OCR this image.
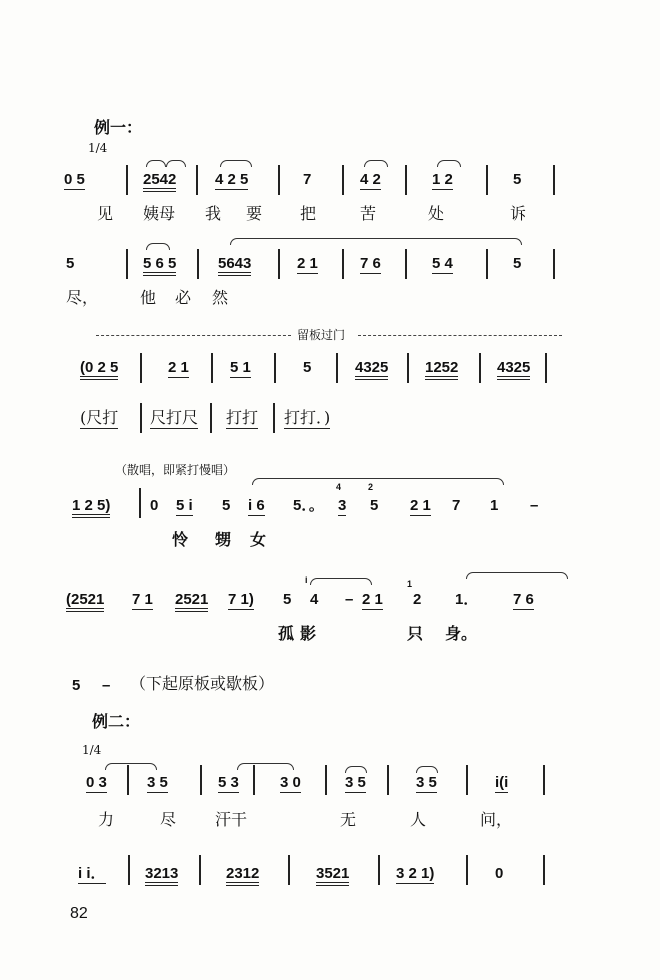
例一：
1/4
0 5	2542	4 2 5	7	4 2	1 2	5
见 姨母 我 要 把	苦	处	诉
5	5 6 5	5643	2 1	7 6	5 4	5
尽，	他 必 然
留板过门
(0 2 5	2 1	5 1	5	4325 1252	4325
(尺打 尺打尺 打打 打打．)
（散唱，即紧打慢唱）
1 2 5)	0 5 i 5 i 6 5．。 3 5 2 1 7 1 –
4	2
怜 甥 女
(2521 7 1 2521 7 1) 5 4 – 2 1 2 1． 7 6
i	1
孤 影	只 身。
5 – （下起原板或歇板）
例二：
1/4
0 3	3 5	5 3	3 0	3 5	3 5	i(i
力	尽 汗干	无	人	问，
i i．	3213	2312	3521	3 2 1)	0
82
